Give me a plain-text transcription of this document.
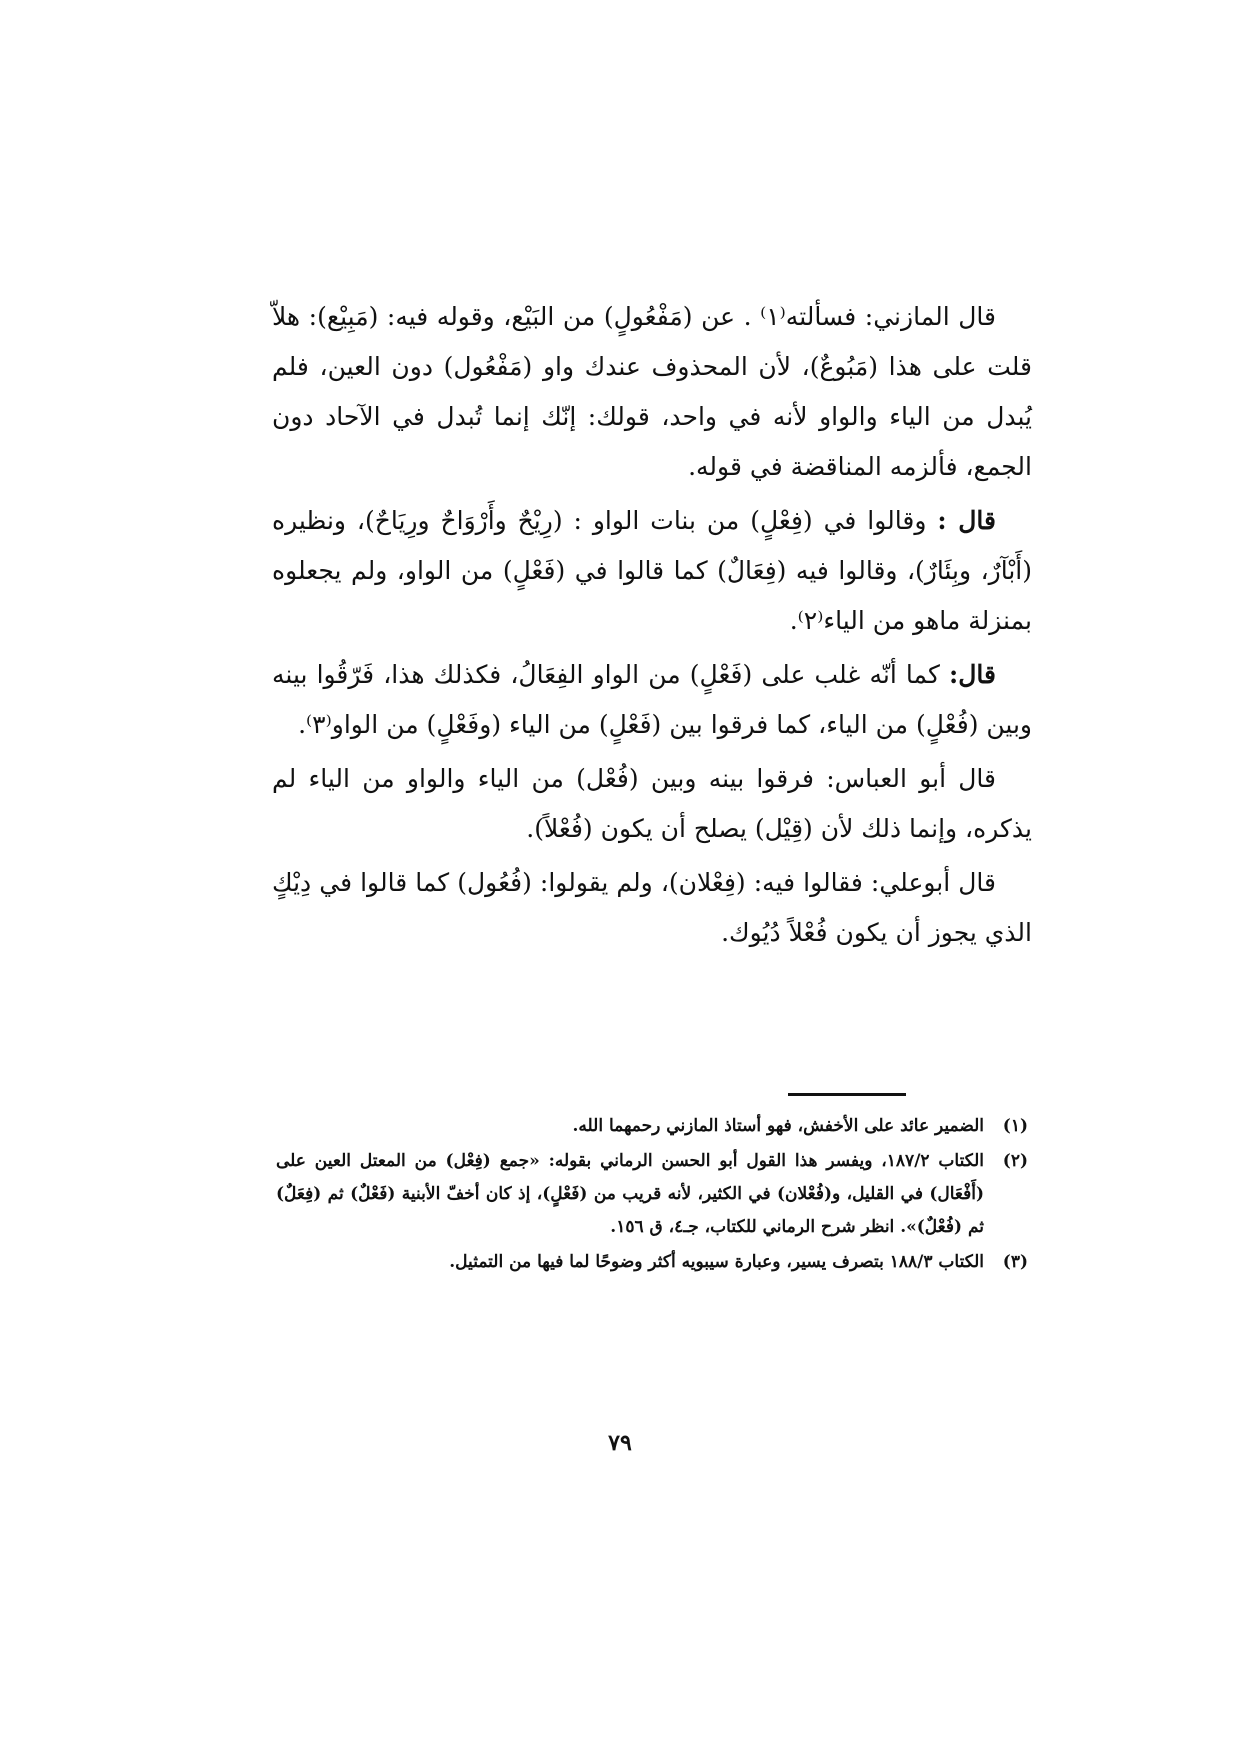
قال المازني: فسألته⁽١⁾ . عن (مَفْعُولٍ) من البَيْع، وقوله فيه: (مَبِيْع): هلاّ قلت على هذا (مَبُوعٌ)، لأن المحذوف عندك واو (مَفْعُول) دون العين، فلم يُبدل من الياء والواو لأنه في واحد، قولك: إنّك إنما تُبدل في الآحاد دون الجمع، فألزمه المناقضة في قوله.

قال : وقالوا في (فِعْلٍ) من بنات الواو : (رِيْحٌ وأَرْوَاحٌ ورِيَاحٌ)، ونظيره (أَبْآرٌ، وبِئَارٌ)، وقالوا فيه (فِعَالٌ) كما قالوا في (فَعْلٍ) من الواو، ولم يجعلوه بمنزلة ماهو من الياء⁽٢⁾.

قال: كما أنّه غلب على (فَعْلٍ) من الواو الفِعَالُ، فكذلك هذا، فَرّقُوا بينه وبين (فُعْلٍ) من الياء، كما فرقوا بين (فَعْلٍ) من الياء (وفَعْلٍ) من الواو⁽٣⁾.

قال أبو العباس: فرقوا بينه وبين (فُعْل) من الياء والواو من الياء لم يذكره، وإنما ذلك لأن (قِيْل) يصلح أن يكون (فُعْلاً).

قال أبوعلي: فقالوا فيه: (فِعْلان)، ولم يقولوا: (فُعُول) كما قالوا في دِيْكٍ الذي يجوز أن يكون فُعْلاً دُيُوك.

(١)
الضمير عائد على الأخفش، فهو أستاذ المازني رحمهما الله.
(٢)
الكتاب ١٨٧/٢، ويفسر هذا القول أبو الحسن الرماني بقوله: «جمع (فِعْل) من المعتل العين على (أَفْعَال) في القليل، و(فُعْلان) في الكثير، لأنه قريب من (فَعْلٍ)، إذ كان أخفّ الأبنية (فَعْلٌ) ثم (فِعَلٌ) ثم (فُعْلٌ)». انظر شرح الرماني للكتاب، جـ٤، ق ١٥٦.
(٣)
الكتاب ١٨٨/٣ بتصرف يسير، وعبارة سيبويه أكثر وضوحًا لما فيها من التمثيل.
٧٩
